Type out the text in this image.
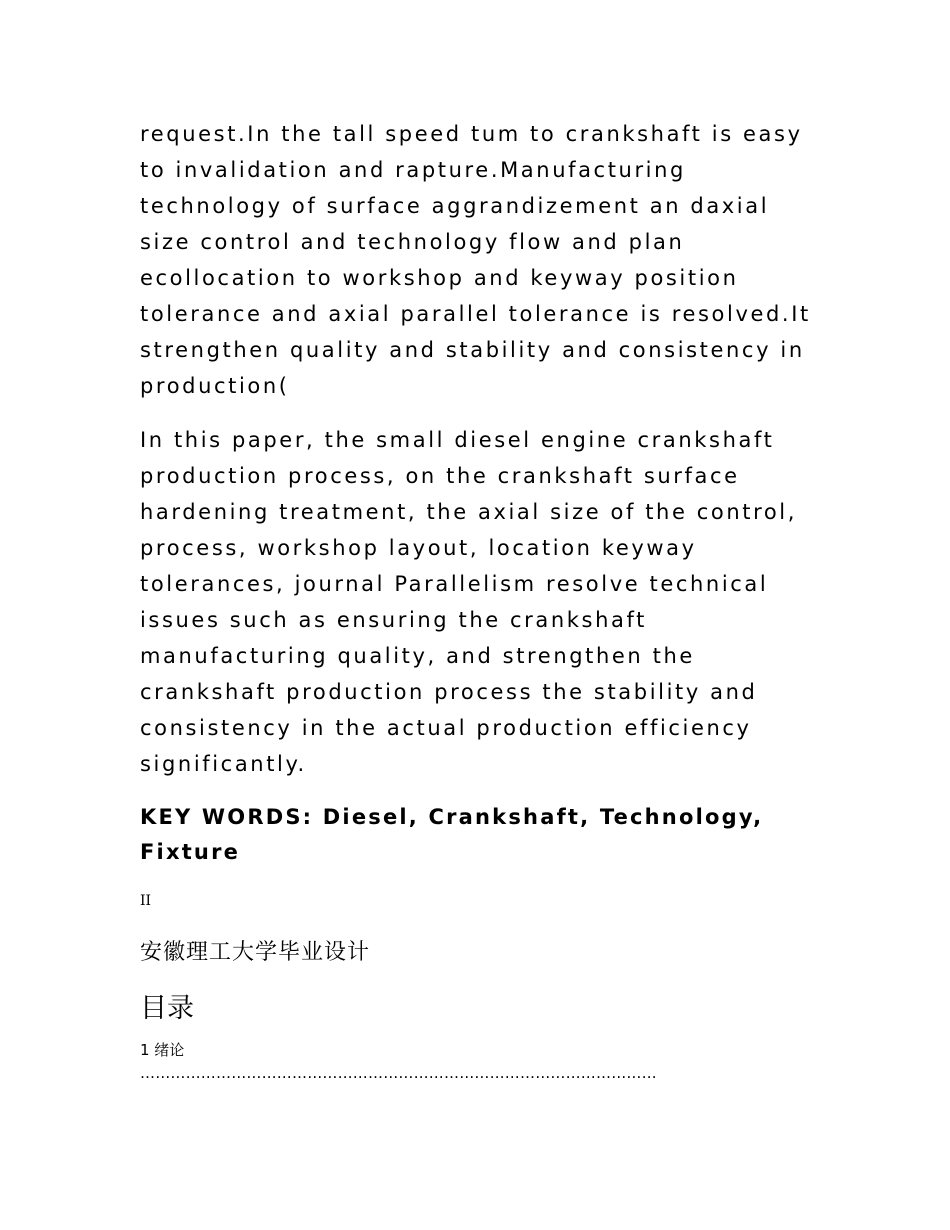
request.In the tall speed tum to crankshaft is easy
to invalidation and rapture.Manufacturing
technology of surface aggrandizement an daxial
size control and technology flow and plan
ecollocation to workshop and keyway position
tolerance and axial parallel tolerance is resolved.It
strengthen quality and stability and consistency in
production(

In this paper, the small diesel engine crankshaft
production process, on the crankshaft surface
hardening treatment, the axial size of the control,
process, workshop layout, location keyway
tolerances, journal Parallelism resolve technical
issues such as ensuring the crankshaft
manufacturing quality, and strengthen the
crankshaft production process the stability and
consistency in the actual production efficiency
significantly.

KEY WORDS: Diesel, Crankshaft, Technology,
Fixture

II
安徽理工大学毕业设计
目录
1 绪论
…………………………………………………………………………………………
